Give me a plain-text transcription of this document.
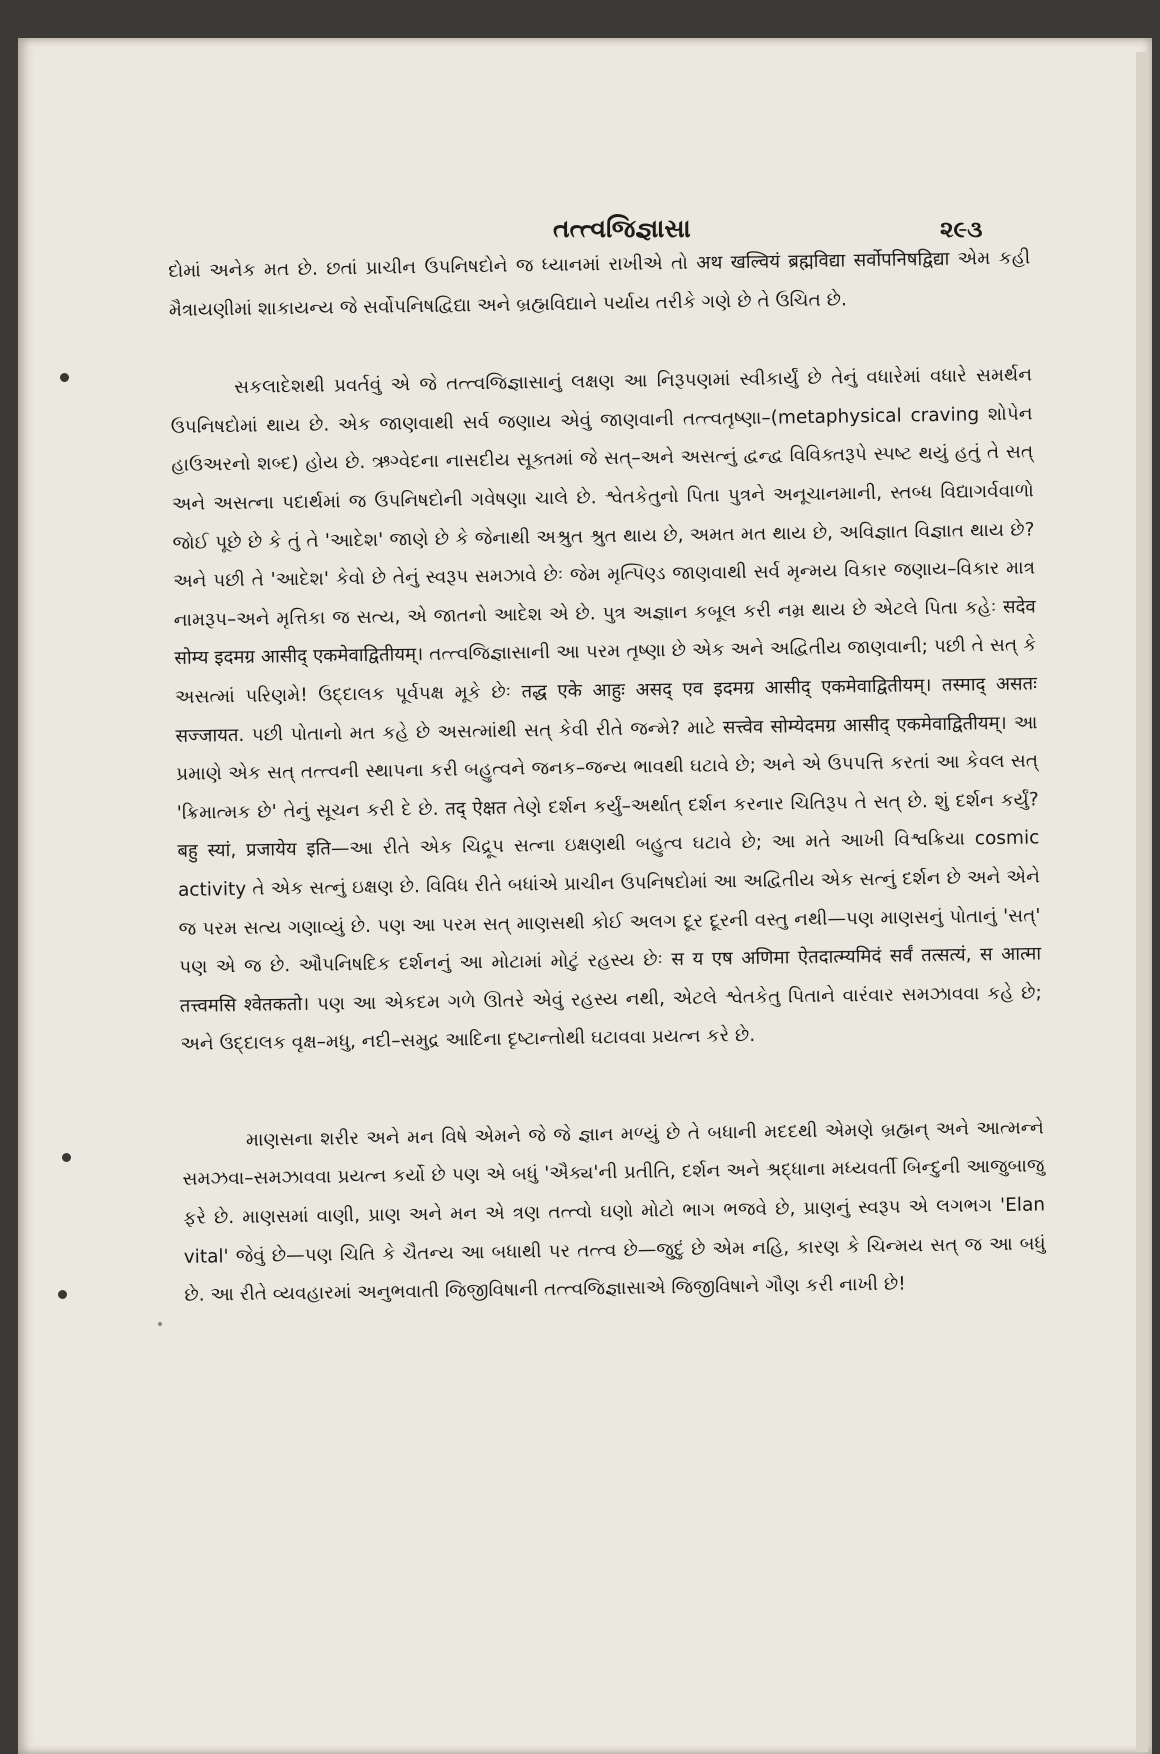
તત્ત્વજિજ્ઞાસા	૨૯૩

દોમાં અનેક મત છે. છતાં પ્રાચીન ઉપનિષદોને જ ધ્યાનમાં રાખીએ તો अथ खल्वियं ब्रह्मविद्या सर्वोपनिषद्विद्या એમ કહી મૈત્રાયણીમાં શાકાયન્ય જે સર્વોપનિષદ્વિદ્યા અને બ્રહ્મવિદ્યાને પર્યાય તરીકે ગણે છે તે ઉચિત છે.

સકલાદેશથી પ્રવર્તવું એ જે તત્ત્વજિજ્ઞાસાનું લક્ષણ આ નિરૂપણમાં સ્વીકાર્યું છે તેનું વધારેમાં વધારે સમર્થન ઉપનિષદોમાં થાય છે. એક જાણવાથી સર્વ જણાય એવું જાણવાની તત્ત્વતૃષ્ણા–(metaphysical craving શોપેન હાઉઅરનો શબ્દ) હોય છે. ઋગ્વેદના નાસદીય સૂક્તમાં જે સત્–અને અસત્નું દ્વન્દ્વ વિવિક્તરૂપે સ્પષ્ટ થયું હતું તે સત્ અને અસત્ના પદાર્થમાં જ ઉપનિષદોની ગવેષણા ચાલે છે. શ્વેતકેતુનો પિતા પુત્રને અનૂચાનમાની, સ્તબ્ધ વિદ્યાગર્વવાળો જોઈ પૂછે છે કે તું તે 'આદેશ' જાણે છે કે જેનાથી અશ્રુત શ્રુત થાય છે, અમત મત થાય છે, અવિજ્ઞાત વિજ્ઞાત થાય છે? અને પછી તે 'આદેશ' કેવો છે તેનું સ્વરૂપ સમઝાવે છેઃ જેમ મૃત્પિણ્ડ જાણવાથી સર્વ મૃન્મય વિકાર જણાય–વિકાર માત્ર નામરૂપ–અને મૃત્તિકા જ સત્ય, એ જાતનો આદેશ એ છે. પુત્ર અજ્ઞાન કબૂલ કરી નમ્ર થાય છે એટલે પિતા કહેઃ सदेव सोम्य इदमग्र आसीद् एकमेवाद्वितीयम्। તત્ત્વજિજ્ઞાસાની આ પરમ તૃષ્ણા છે એક અને અદ્વિતીય જાણવાની; પછી તે સત્ કે અસત્માં પરિણમે! ઉદ્દાલક પૂર્વપક્ષ મૂકે છેઃ तद्ध एके आहुः असद् एव इदमग्र आसीद् एकमेवाद्वितीयम्। तस्माद् असतः सज्जायत. પછી પોતાનો મત કહે છે અસત્માંથી સત્ કેવી રીતે જન્મે? માટે सत्त्वेव सोम्येदमग्र आसीद् एकमेवाद्वितीयम्। આ પ્રમાણે એક સત્ તત્ત્વની સ્થાપના કરી બહુત્વને જનક–જન્ય ભાવથી ઘટાવે છે; અને એ ઉપપત્તિ કરતાં આ કેવલ સત્ 'ક્રિમાત્મક છે' તેનું સૂચન કરી દે છે. तद् ऐक्षत તેણે દર્શન કર્યું–અર્થાત્ દર્શન કરનાર ચિતિરૂપ તે સત્ છે. શું દર્શન કર્યું? बहु स्यां, प्रजायेय इति—આ રીતે એક ચિદ્રૂપ સત્ના ઇક્ષણથી બહુત્વ ઘટાવે છે; આ મતે આખી વિશ્વક્રિયા cosmic activity તે એક સત્નું ઇક્ષણ છે. વિવિધ રીતે બધાંએ પ્રાચીન ઉપનિષદોમાં આ અદ્વિતીય એક સત્નું દર્શન છે અને એને જ પરમ સત્ય ગણાવ્યું છે. પણ આ પરમ સત્ માણસથી કોઈ અલગ દૂર દૂરની વસ્તુ નથી—પણ માણસનું પોતાનું 'સત્' પણ એ જ છે. ઔપનિષદિક દર્શનનું આ મોટામાં મોટું રહસ્ય છેઃ स य एष अणिमा ऐतदात्म्यमिदं सर्वं तत्सत्यं, स आत्मा तत्त्वमसि श्वेतकतो। પણ આ એકદમ ગળે ઊતરે એવું રહસ્ય નથી, એટલે શ્વેતકેતુ પિતાને વારંવાર સમઝાવવા કહે છે; અને ઉદ્દાલક વૃક્ષ–મધુ, નદી–સમુદ્ર આદિના દૃષ્ટાન્તોથી ઘટાવવા પ્રયત્ન કરે છે.

માણસના શરીર અને મન વિષે એમને જે જે જ્ઞાન મળ્યું છે તે બધાની મદદથી એમણે બ્રહ્મન્ અને આત્મન્ને સમઝવા–સમઝાવવા પ્રયત્ન કર્યો છે પણ એ બધું 'ઐક્ય'ની પ્રતીતિ, દર્શન અને શ્રદ્ધાના મધ્યવર્તી બિન્દુની આજુબાજુ ફરે છે. માણસમાં વાણી, પ્રાણ અને મન એ ત્રણ તત્ત્વો ઘણો મોટો ભાગ ભજવે છે, પ્રાણનું સ્વરૂપ એ લગભગ 'Elan vital' જેવું છે—પણ ચિતિ કે ચૈતન્ય આ બધાથી પર તત્ત્વ છે—જુદું છે એમ નહિ, કારણ કે ચિન્મય સત્ જ આ બધું છે. આ રીતે વ્યવહારમાં અનુભવાતી જિજીવિષાની તત્ત્વજિજ્ઞાસાએ જિજીવિષાને ગૌણ કરી નાખી છે!
